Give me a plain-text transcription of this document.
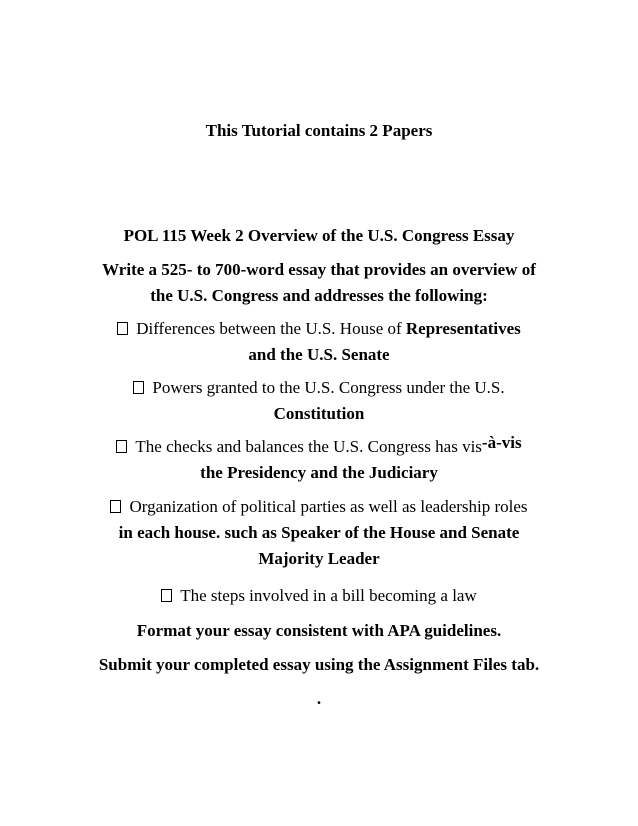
This Tutorial contains 2 Papers
POL 115 Week 2 Overview of the U.S. Congress Essay
Write a 525- to 700-word essay that provides an overview of
the U.S. Congress and addresses the following:
Differences between the U.S. House of Representatives
and the U.S. Senate
Powers granted to the U.S. Congress under the U.S.
Constitution
The checks and balances the U.S. Congress has vis-à-vis
the Presidency and the Judiciary
Organization of political parties as well as leadership roles
in each house. such as Speaker of the House and Senate
Majority Leader
The steps involved in a bill becoming a law
Format your essay consistent with APA guidelines.
Submit your completed essay using the Assignment Files tab.
.
